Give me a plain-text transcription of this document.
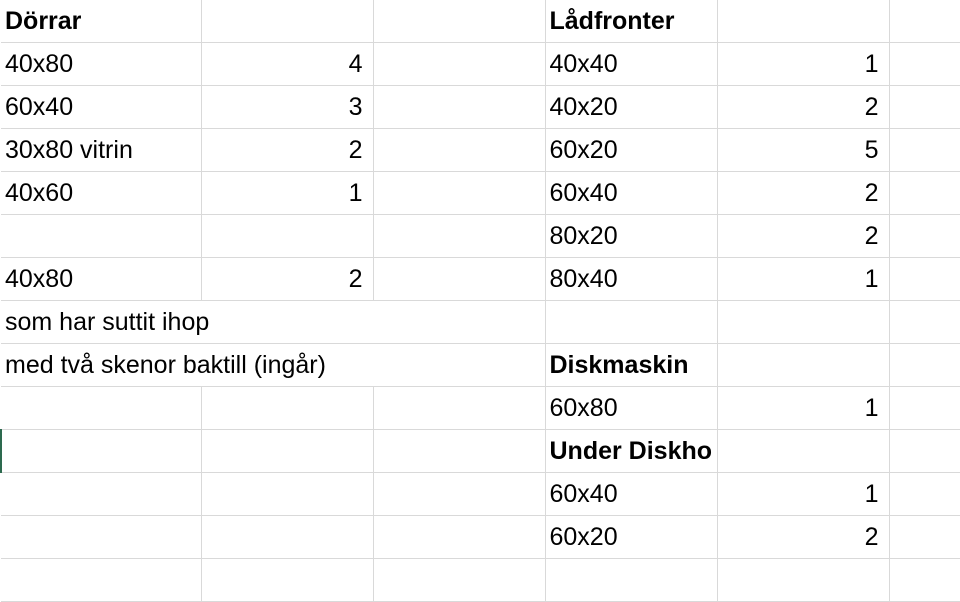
Dörrar			Lådfronter		
40x80	4		40x40	1	
60x40	3		40x20	2	
30x80 vitrin	2		60x20	5	
40x60	1		60x40	2	
			80x20	2	
40x80	2		80x40	1	
som har suttit ihop					
med två skenor baktill (ingår)			Diskmaskin		
			60x80	1	
			Under Diskho		
			60x40	1	
			60x20	2	
